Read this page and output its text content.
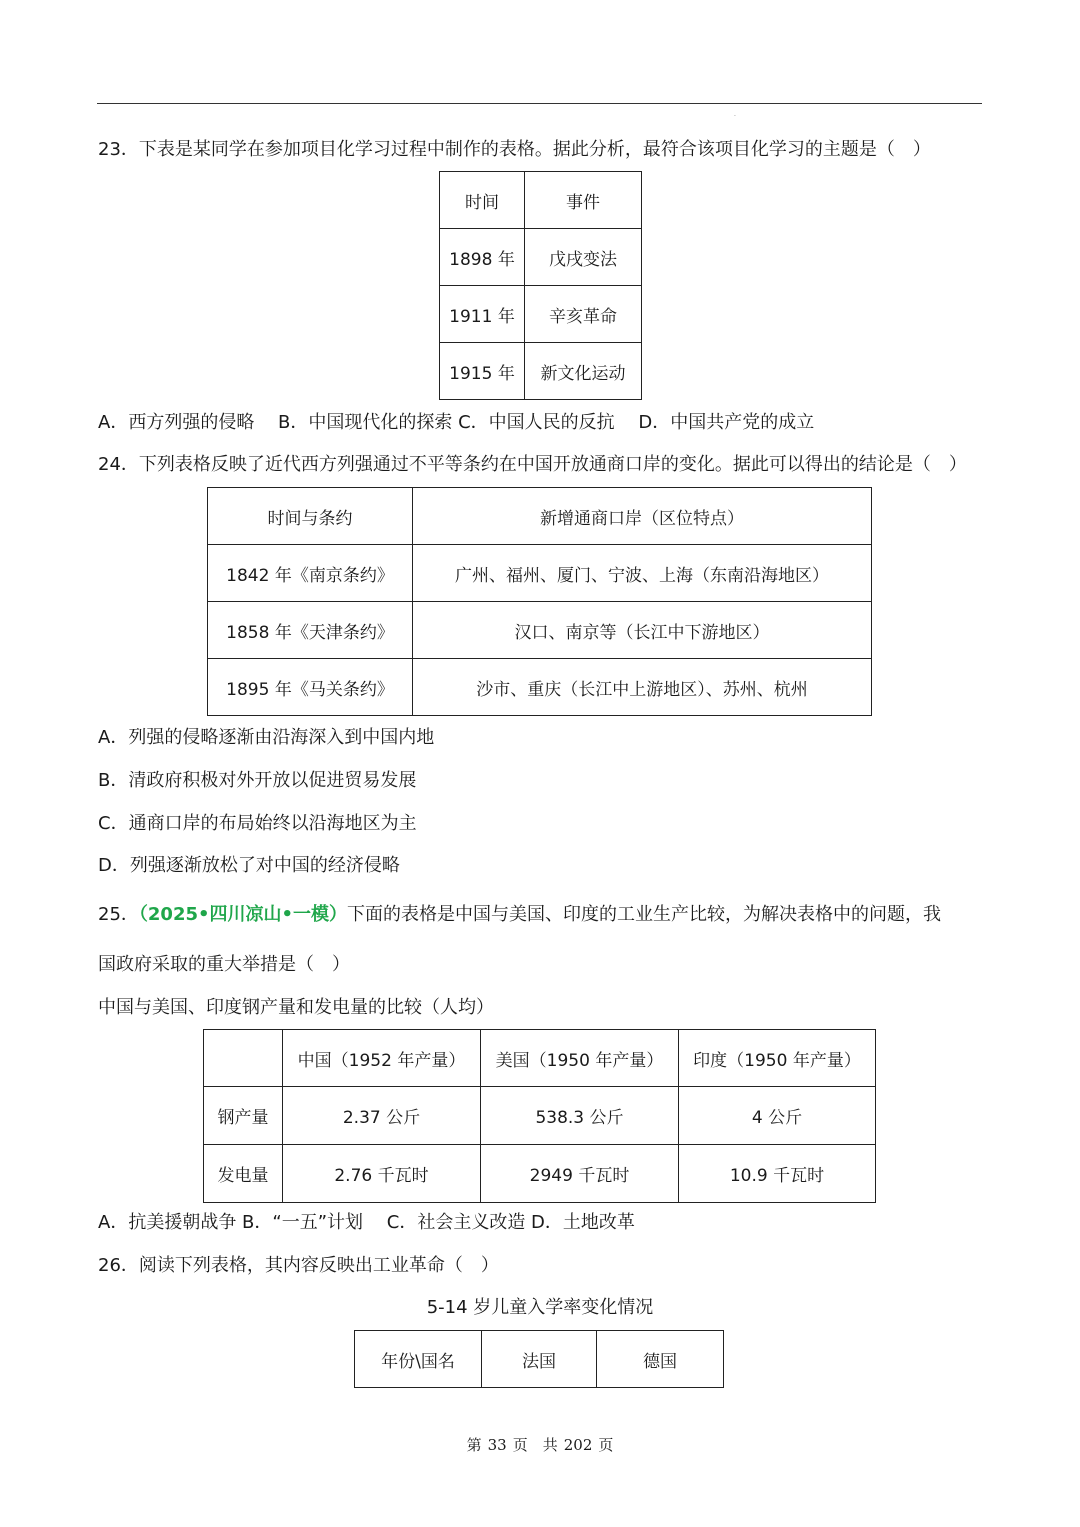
·
23．下表是某同学在参加项目化学习过程中制作的表格。据此分析，最符合该项目化学习的主题是（　）
时间	事件
1898 年	戊戌变法
1911 年	辛亥革命
1915 年	新文化运动
A．西方列强的侵略　 B．中国现代化的探索 C．中国人民的反抗　 D．中国共产党的成立
24．下列表格反映了近代西方列强通过不平等条约在中国开放通商口岸的变化。据此可以得出的结论是（　）
时间与条约	新增通商口岸（区位特点）
1842 年《南京条约》	广州、福州、厦门、宁波、上海（东南沿海地区）
1858 年《天津条约》	汉口、南京等（长江中下游地区）
1895 年《马关条约》	沙市、重庆（长江中上游地区）、苏州、杭州
A．列强的侵略逐渐由沿海深入到中国内地
B．清政府积极对外开放以促进贸易发展
C．通商口岸的布局始终以沿海地区为主
D．列强逐渐放松了对中国的经济侵略
25．（2025•四川凉山•一模）下面的表格是中国与美国、印度的工业生产比较，为解决表格中的问题，我
国政府采取的重大举措是（　）
中国与美国、印度钢产量和发电量的比较（人均）
	中国（1952 年产量）	美国（1950 年产量）	印度（1950 年产量）
钢产量	2.37 公斤	538.3 公斤	4 公斤
发电量	2.76 千瓦时	2949 千瓦时	10.9 千瓦时
A．抗美援朝战争 B．“一五”计划　 C．社会主义改造 D．土地改革
26．阅读下列表格，其内容反映出工业革命（　）
5-14 岁儿童入学率变化情况
年份\国名	法国	德国
第 33 页　共 202 页
